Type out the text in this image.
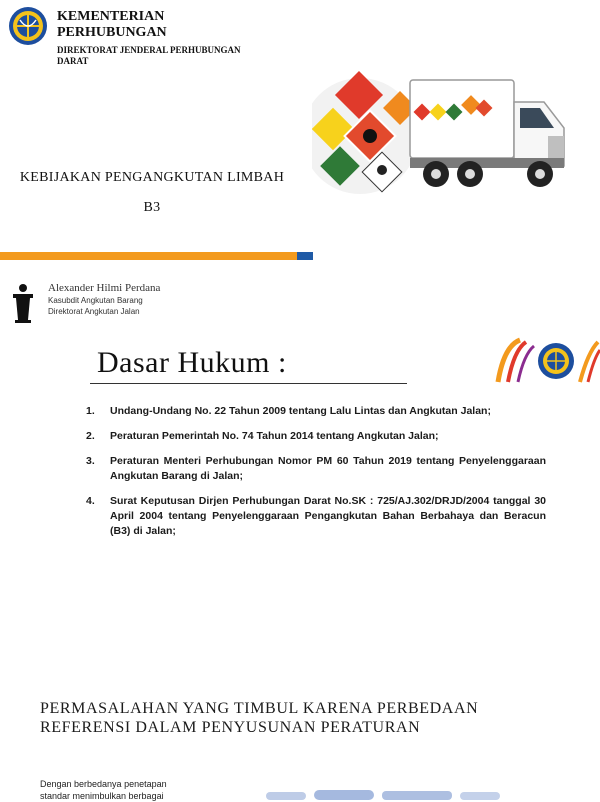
KEMENTERIAN
PERHUBUNGAN
DIREKTORAT JENDERAL PERHUBUNGAN
DARAT
KEBIJAKAN PENGANGKUTAN LIMBAH
B3
Alexander Hilmi Perdana
Kasubdit Angkutan Barang
Direktorat Angkutan Jalan
Dasar Hukum :
1. Undang-Undang No. 22 Tahun 2009 tentang Lalu Lintas dan Angkutan Jalan;
2. Peraturan Pemerintah No. 74 Tahun 2014 tentang Angkutan Jalan;
3. Peraturan Menteri Perhubungan Nomor PM 60 Tahun 2019 tentang Penyelenggaraan Angkutan Barang di Jalan;
4. Surat Keputusan Dirjen Perhubungan Darat No.SK : 725/AJ.302/DRJD/2004 tanggal 30 April 2004 tentang Penyelenggaraan Pengangkutan Bahan Berbahaya dan Beracun (B3) di Jalan;
PERMASALAHAN YANG TIMBUL KARENA PERBEDAAN
REFERENSI DALAM PENYUSUNAN PERATURAN
Dengan berbedanya penetapan
standar menimbulkan berbagai
